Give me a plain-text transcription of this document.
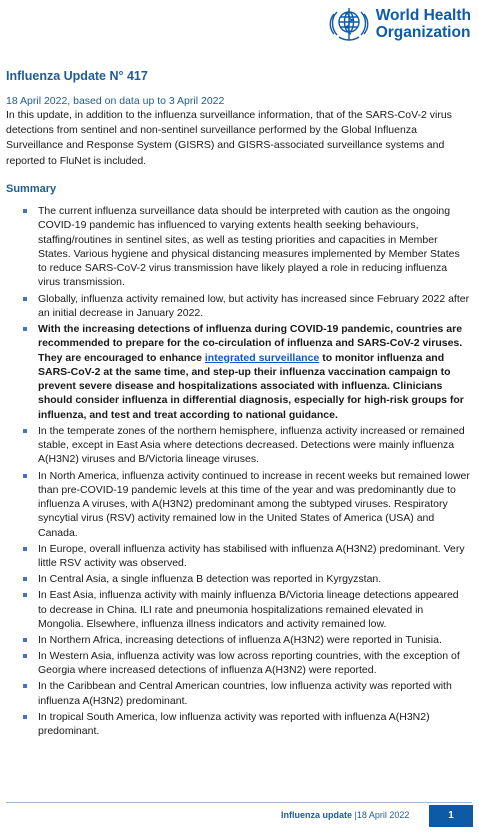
World Health
Organization
Influenza Update N° 417
18 April 2022, based on data up to 3 April 2022
In this update, in addition to the influenza surveillance information, that of the SARS-CoV-2 virus detections from sentinel and non-sentinel surveillance performed by the Global Influenza Surveillance and Response System (GISRS) and GISRS-associated surveillance systems and reported to FluNet is included.
Summary
The current influenza surveillance data should be interpreted with caution as the ongoing COVID-19 pandemic has influenced to varying extents health seeking behaviours, staffing/routines in sentinel sites, as well as testing priorities and capacities in Member States. Various hygiene and physical distancing measures implemented by Member States to reduce SARS-CoV-2 virus transmission have likely played a role in reducing influenza virus transmission.
Globally, influenza activity remained low, but activity has increased since February 2022 after an initial decrease in January 2022.
With the increasing detections of influenza during COVID-19 pandemic, countries are recommended to prepare for the co-circulation of influenza and SARS-CoV-2 viruses. They are encouraged to enhance integrated surveillance to monitor influenza and SARS-CoV-2 at the same time, and step-up their influenza vaccination campaign to prevent severe disease and hospitalizations associated with influenza. Clinicians should consider influenza in differential diagnosis, especially for high-risk groups for influenza, and test and treat according to national guidance.
In the temperate zones of the northern hemisphere, influenza activity increased or remained stable, except in East Asia where detections decreased. Detections were mainly influenza A(H3N2) viruses and B/Victoria lineage viruses.
In North America, influenza activity continued to increase in recent weeks but remained lower than pre-COVID-19 pandemic levels at this time of the year and was predominantly due to influenza A viruses, with A(H3N2) predominant among the subtyped viruses. Respiratory syncytial virus (RSV) activity remained low in the United States of America (USA) and Canada.
In Europe, overall influenza activity has stabilised with influenza A(H3N2) predominant. Very little RSV activity was observed.
In Central Asia, a single influenza B detection was reported in Kyrgyzstan.
In East Asia, influenza activity with mainly influenza B/Victoria lineage detections appeared to decrease in China. ILI rate and pneumonia hospitalizations remained elevated in Mongolia. Elsewhere, influenza illness indicators and activity remained low.
In Northern Africa, increasing detections of influenza A(H3N2) were reported in Tunisia.
In Western Asia, influenza activity was low across reporting countries, with the exception of Georgia where increased detections of influenza A(H3N2) were reported.
In the Caribbean and Central American countries, low influenza activity was reported with influenza A(H3N2) predominant.
In tropical South America, low influenza activity was reported with influenza A(H3N2) predominant.
Influenza update |18 April 2022	1
